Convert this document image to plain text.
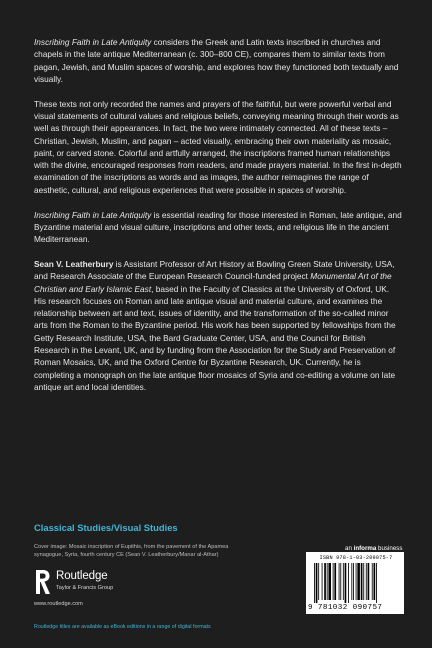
Inscribing Faith in Late Antiquity considers the Greek and Latin texts inscribed in churches and chapels in the late antique Mediterranean (c. 300–800 CE), compares them to similar texts from pagan, Jewish, and Muslim spaces of worship, and explores how they functioned both textually and visually.

These texts not only recorded the names and prayers of the faithful, but were powerful verbal and visual statements of cultural values and religious beliefs, conveying meaning through their words as well as through their appearances. In fact, the two were intimately connected. All of these texts – Christian, Jewish, Muslim, and pagan – acted visually, embracing their own materiality as mosaic, paint, or carved stone. Colorful and artfully arranged, the inscriptions framed human relationships with the divine, encouraged responses from readers, and made prayers material. In the first in-depth examination of the inscriptions as words and as images, the author reimagines the range of aesthetic, cultural, and religious experiences that were possible in spaces of worship.

Inscribing Faith in Late Antiquity is essential reading for those interested in Roman, late antique, and Byzantine material and visual culture, inscriptions and other texts, and religious life in the ancient Mediterranean.

Sean V. Leatherbury is Assistant Professor of Art History at Bowling Green State University, USA, and Research Associate of the European Research Council-funded project Monumental Art of the Christian and Early Islamic East, based in the Faculty of Classics at the University of Oxford, UK. His research focuses on Roman and late antique visual and material culture, and examines the relationship between art and text, issues of identity, and the transformation of the so-called minor arts from the Roman to the Byzantine period. His work has been supported by fellowships from the Getty Research Institute, USA, the Bard Graduate Center, USA, and the Council for British Research in the Levant, UK, and by funding from the Association for the Study and Preservation of Roman Mosaics, UK, and the Oxford Centre for Byzantine Research, UK. Currently, he is completing a monograph on the late antique floor mosaics of Syria and co-editing a volume on late antique art and local identities.

Classical Studies/Visual Studies
Cover image: Mosaic inscription of Eupithis, from the pavement of the Apamea synagogue, Syria, fourth century CE (Sean V. Leatherbury/Manar al-Athar)
Routledge
Taylor & Francis Group
www.routledge.com
Routledge titles are available as eBook editions in a range of digital formats
an informa business
ISBN 978-1-03-209075-7
9 781032 090757
